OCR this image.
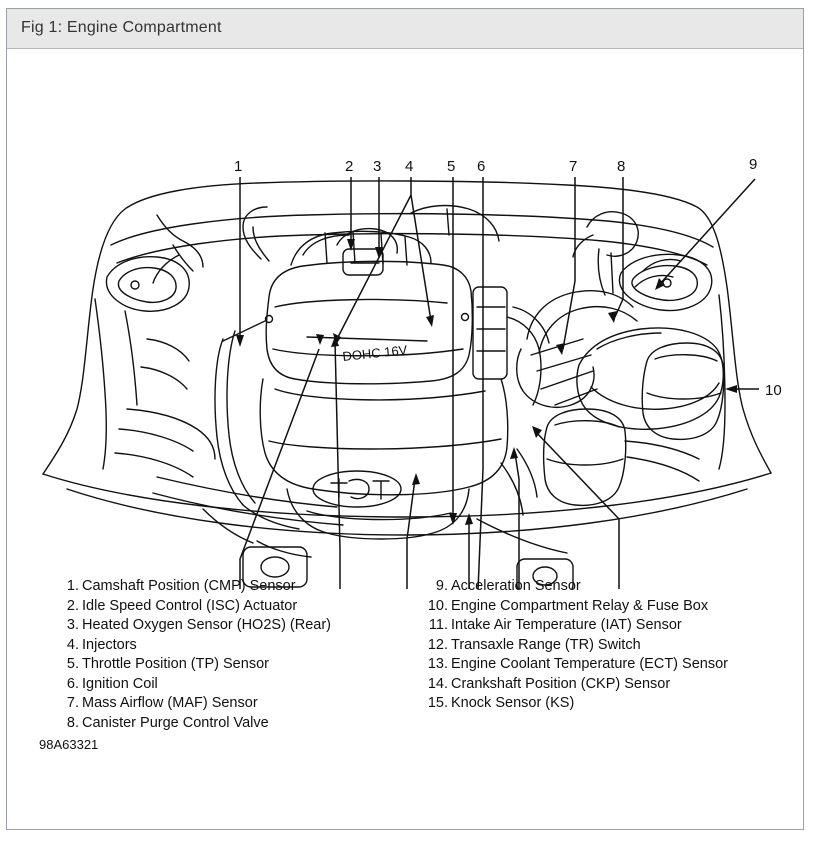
Fig 1: Engine Compartment
DOHC 16V
1	2 3 4 5 6	7	8	9
10
1. Camshaft Position (CMP) Sensor
2. Idle Speed Control (ISC) Actuator
3. Heated Oxygen Sensor (HO2S) (Rear)
4. Injectors
5. Throttle Position (TP) Sensor
6. Ignition Coil
7. Mass Airflow (MAF) Sensor
8. Canister Purge Control Valve
9. Acceleration Sensor
10. Engine Compartment Relay & Fuse Box
11. Intake Air Temperature (IAT) Sensor
12. Transaxle Range (TR) Switch
13. Engine Coolant Temperature (ECT) Sensor
14. Crankshaft Position (CKP) Sensor
15. Knock Sensor (KS)
98A63321
